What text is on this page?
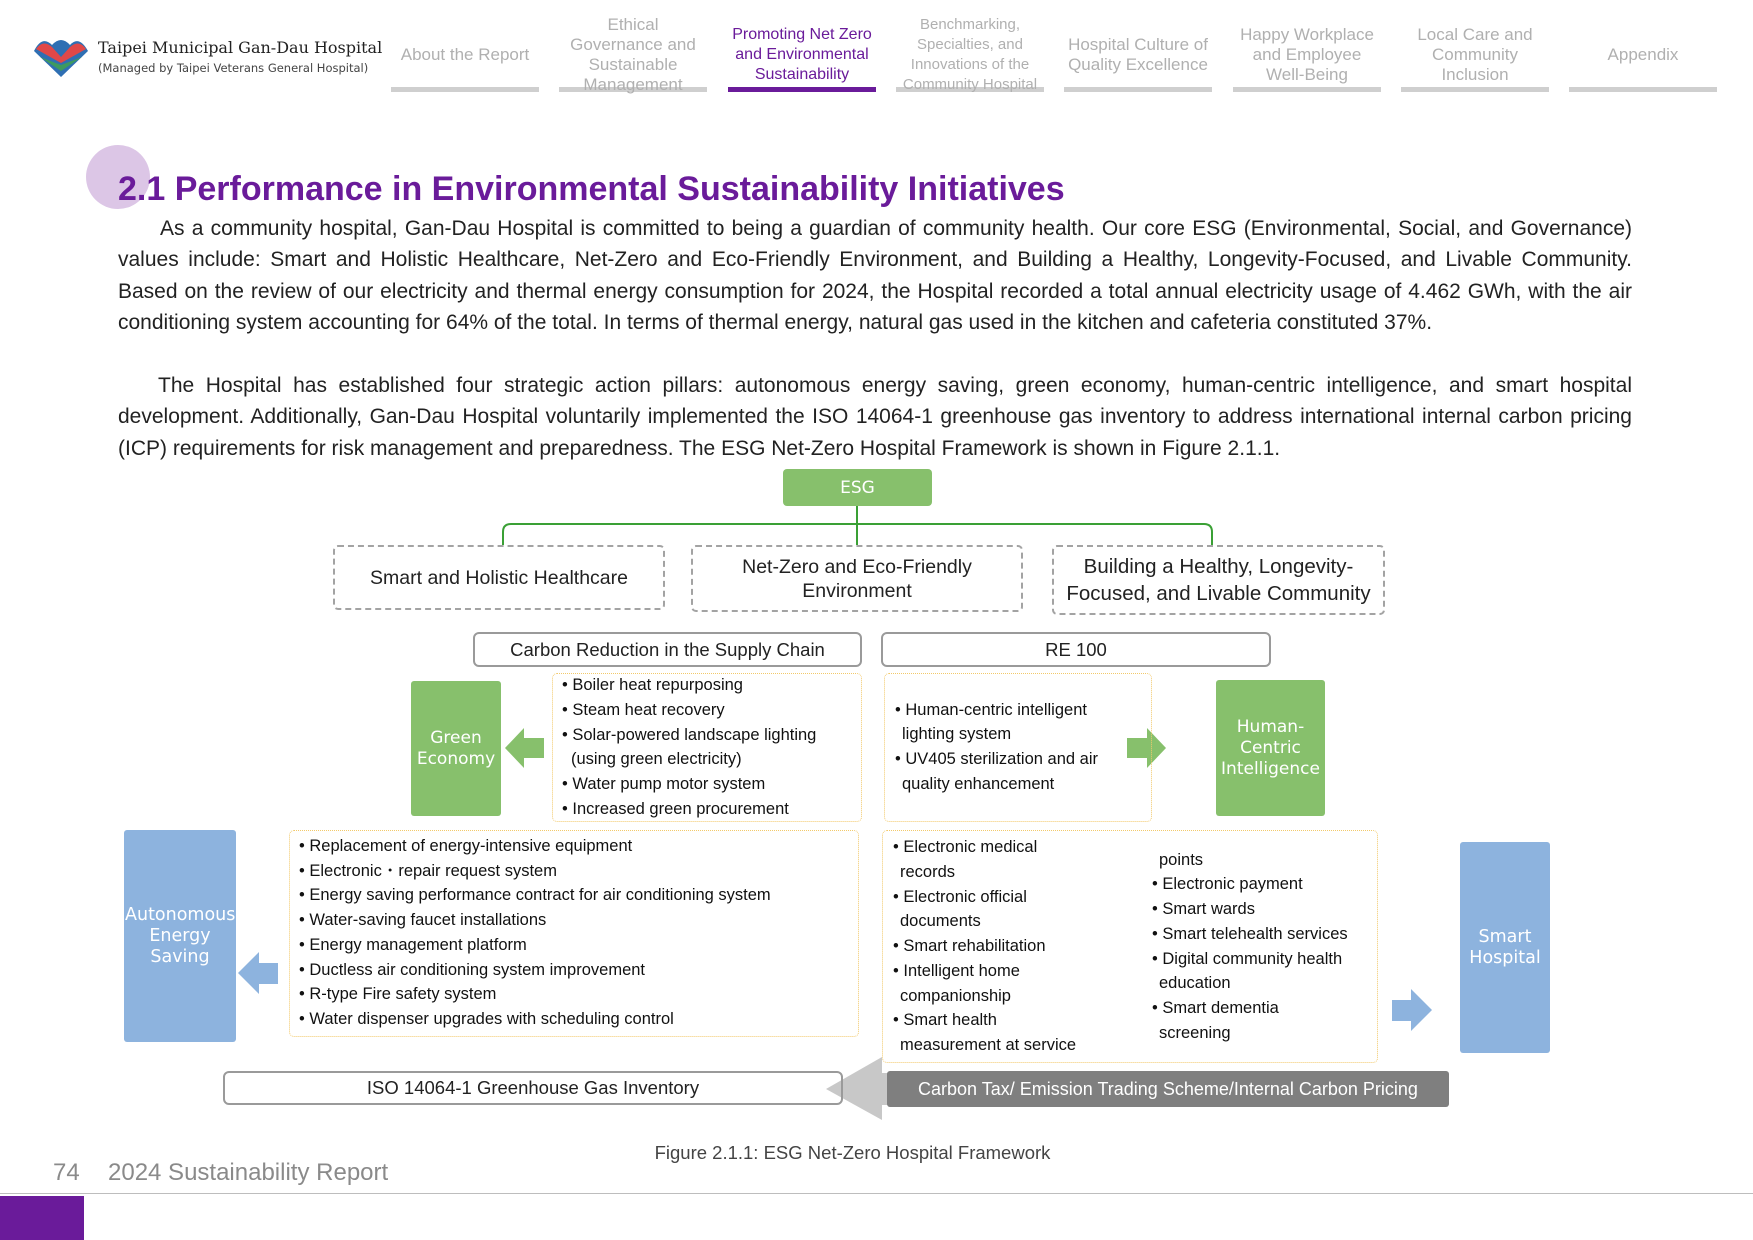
Taipei Municipal Gan-Dau Hospital
(Managed by Taipei Veterans General Hospital)
About the Report
Ethical Governance and Sustainable Management
Promoting Net Zero and Environmental Sustainability
Benchmarking, Specialties, and Innovations of the Community Hospital
Hospital Culture of Quality Excellence
Happy Workplace and Employee Well-Being
Local Care and Community Inclusion
Appendix
2.1 Performance in Environmental Sustainability Initiatives
As a community hospital, Gan-Dau Hospital is committed to being a guardian of community health. Our core ESG (Environmental, Social, and Governance) values include: Smart and Holistic Healthcare, Net-Zero and Eco-Friendly Environment, and Building a Healthy, Longevity-Focused, and Livable Community. Based on the review of our electricity and thermal energy consumption for 2024, the Hospital recorded a total annual electricity usage of 4.462 GWh, with the air conditioning system accounting for 64% of the total. In terms of thermal energy, natural gas used in the kitchen and cafeteria constituted 37%.
The Hospital has established four strategic action pillars: autonomous energy saving, green economy, human-centric intelligence, and smart hospital development. Additionally, Gan-Dau Hospital voluntarily implemented the ISO 14064-1 greenhouse gas inventory to address international internal carbon pricing (ICP) requirements for risk management and preparedness. The ESG Net-Zero Hospital Framework is shown in Figure 2.1.1.
ESG
Smart and Holistic Healthcare	Net-Zero and Eco-Friendly Environment
Building a Healthy, Longevity-Focused, and Livable Community
Carbon Reduction in the Supply Chain	RE 100
Green Economy
• Boiler heat repurposing
• Steam heat recovery
• Solar-powered landscape lighting
(using green electricity)
• Water pump motor system
• Increased green procurement
• Human-centric intelligent
lighting system
• UV405 sterilization and air
quality enhancement
Human-Centric Intelligence
Autonomous Energy Saving
• Replacement of energy-intensive equipment
• Electronic・repair request system
• Energy saving performance contract for air conditioning system
• Water-saving faucet installations
• Energy management platform
• Ductless air conditioning system improvement
• R-type Fire safety system
• Water dispenser upgrades with scheduling control
• Electronic medical
records
• Electronic official
documents
• Smart rehabilitation
• Intelligent home
companionship
• Smart health
measurement at service
points
• Electronic payment
• Smart wards
• Smart telehealth services
• Digital community health
education
• Smart dementia
screening
Smart Hospital
ISO 14064-1 Greenhouse Gas Inventory	Carbon Tax/ Emission Trading Scheme/Internal Carbon Pricing
Figure 2.1.1: ESG Net-Zero Hospital Framework
74 2024 Sustainability Report
